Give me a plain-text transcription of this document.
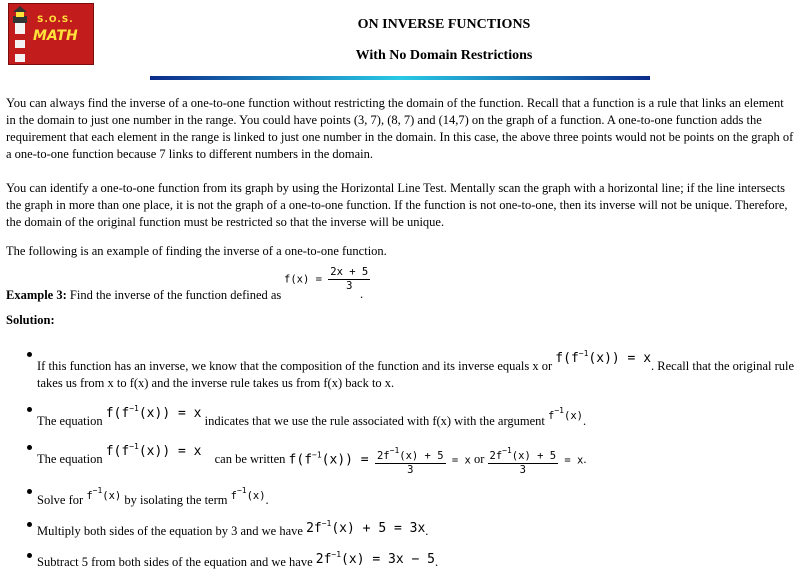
S.O.S.
MATH
ON INVERSE FUNCTIONS
With No Domain Restrictions

You can always find the inverse of a one-to-one function without restricting the domain of the function. Recall that a function is a rule that links an element in the domain to just one number in the range. You could have points (3, 7), (8, 7) and (14,7) on the graph of a function. A one-to-one function adds the requirement that each element in the range is linked to just one number in the domain. In this case, the above three points would not be points on the graph of a one-to-one function because 7 links to different numbers in the domain.

You can identify a one-to-one function from its graph by using the Horizontal Line Test. Mentally scan the graph with a horizontal line; if the line intersects the graph in more than one place, it is not the graph of a one-to-one function. If the function is not one-to-one, then its inverse will not be unique. Therefore, the domain of the original function must be restricted so that the inverse will be unique.

The following is an example of finding the inverse of a one-to-one function.

Example 3: Find the inverse of the function defined as
$f(x) = \frac{2x + 5}{3}$
.
Solution:
If this function has an inverse, we know that the composition of the function and its inverse equals x or $f(f^{-1}(x)) = x$. Recall that the original rule takes us from x to f(x) and the inverse rule takes us from f(x) back to x.
The equation $f(f^{-1}(x)) = x$ indicates that we use the rule associated with f(x) with the argument $f^{-1}(x)$.
The equation $f(f^{-1}(x)) = x$ can be written $f(f^{-1}(x)) = \frac{2f^{-1}(x) + 5}{3} = x$ or $\frac{2f^{-1}(x) + 5}{3} = x$.
Solve for $f^{-1}(x)$ by isolating the term $f^{-1}(x)$.
Multiply both sides of the equation by 3 and we have $2f^{-1}(x) + 5 = 3x$.
Subtract 5 from both sides of the equation and we have $2f^{-1}(x) = 3x - 5$.
